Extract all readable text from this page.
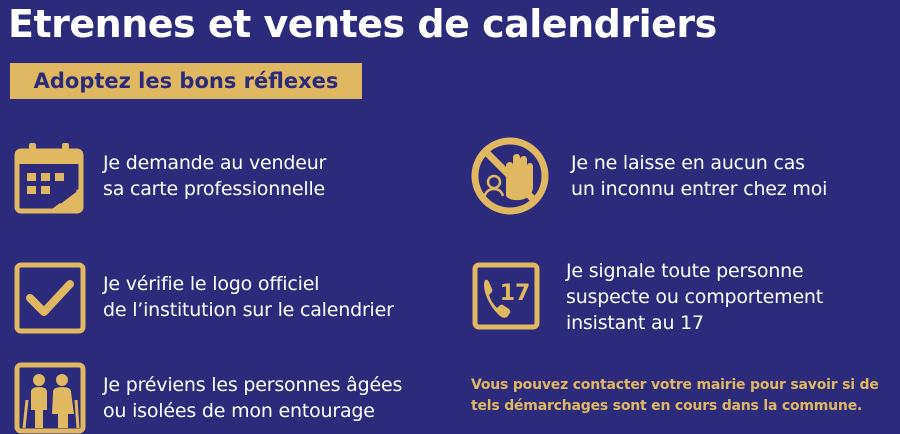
Etrennes et ventes de calendriers
Adoptez les bons réflexes
Je demande au vendeur
sa carte professionnelle
Je ne laisse en aucun cas
un inconnu entrer chez moi
Je vérifie le logo officiel
de l’institution sur le calendrier
17
Je signale toute personne
suspecte ou comportement
insistant au 17
Je préviens les personnes âgées
ou isolées de mon entourage
Vous pouvez contacter votre mairie pour savoir si de
tels démarchages sont en cours dans la commune.
